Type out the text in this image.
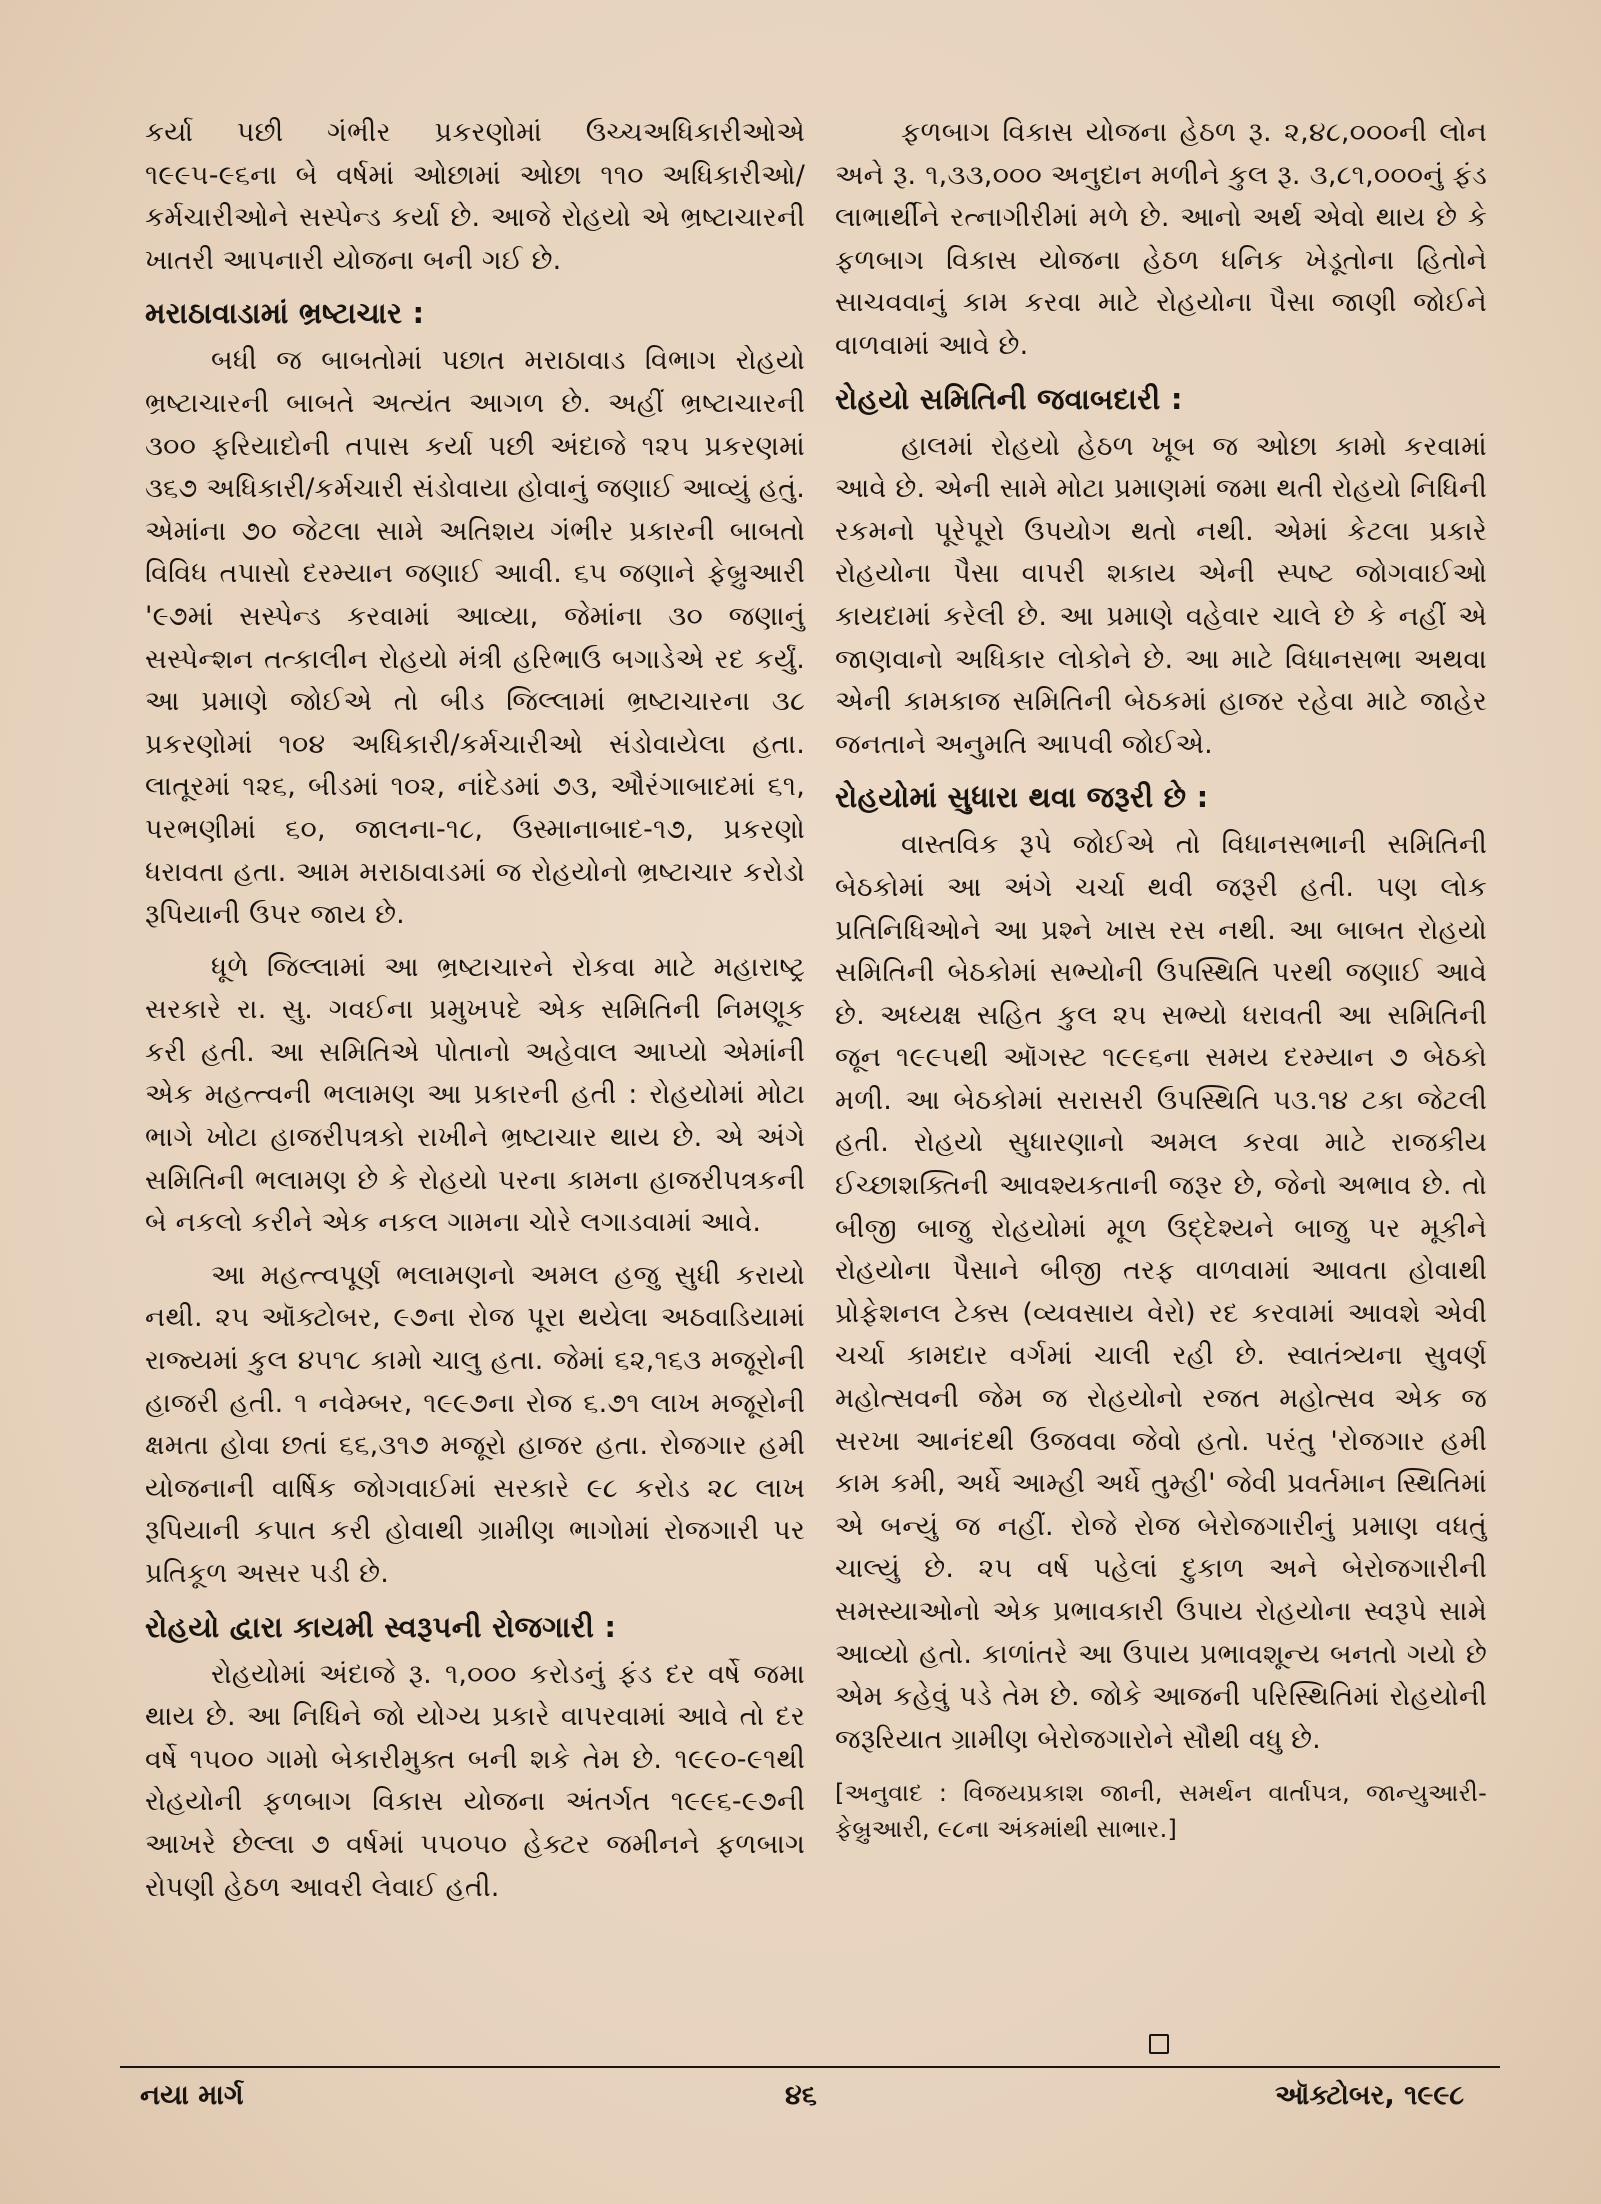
કર્યા પછી ગંભીર પ્રકરણોમાં ઉચ્ચઅધિકારીઓએ ૧૯૯૫-૯૬ના બે વર્ષમાં ઓછામાં ઓછા ૧૧૦ અધિકારીઓ/કર્મચારીઓને સસ્પેન્ડ કર્યા છે. આજે રોહયો એ ભ્રષ્ટાચારની ખાતરી આપનારી યોજના બની ગઈ છે.

મરાઠાવાડામાં ભ્રષ્ટાચાર :

બધી જ બાબતોમાં પછાત મરાઠાવાડ વિભાગ રોહયો ભ્રષ્ટાચારની બાબતે અત્યંત આગળ છે. અહીં ભ્રષ્ટાચારની ૩૦૦ ફરિયાદોની તપાસ કર્યા પછી અંદાજે ૧૨૫ પ્રકરણમાં ૩૬૭ અધિકારી/કર્મચારી સંડોવાયા હોવાનું જણાઈ આવ્યું હતું. એમાંના ૭૦ જેટલા સામે અતિશય ગંભીર પ્રકારની બાબતો વિવિધ તપાસો દરમ્યાન જણાઈ આવી. ૬૫ જણાને ફેબ્રુઆરી '૯૭માં સસ્પેન્ડ કરવામાં આવ્યા, જેમાંના ૩૦ જણાનું સસ્પેન્શન તત્કાલીન રોહયો મંત્રી હરિભાઉ બગાડેએ રદ કર્યું. આ પ્રમાણે જોઈએ તો બીડ જિલ્લામાં ભ્રષ્ટાચારના ૩૮ પ્રકરણોમાં ૧૦૪ અધિકારી/કર્મચારીઓ સંડોવાયેલા હતા. લાતૂરમાં ૧૨૬, બીડમાં ૧૦૨, નાંદેડમાં ૭૩, ઔરંગાબાદમાં ૬૧, પરભણીમાં ૬૦, જાલના-૧૮, ઉસ્માનાબાદ-૧૭, પ્રકરણો ધરાવતા હતા. આમ મરાઠાવાડમાં જ રોહયોનો ભ્રષ્ટાચાર કરોડો રૂપિયાની ઉપર જાય છે.

ધૂળે જિલ્લામાં આ ભ્રષ્ટાચારને રોકવા માટે મહારાષ્ટ્ર સરકારે રા. સુ. ગવઈના પ્રમુખપદે એક સમિતિની નિમણૂક કરી હતી. આ સમિતિએ પોતાનો અહેવાલ આપ્યો એમાંની એક મહત્ત્વની ભલામણ આ પ્રકારની હતી : રોહયોમાં મોટા ભાગે ખોટા હાજરીપત્રકો રાખીને ભ્રષ્ટાચાર થાય છે. એ અંગે સમિતિની ભલામણ છે કે રોહયો પરના કામના હાજરીપત્રકની બે નકલો કરીને એક નકલ ગામના ચોરે લગાડવામાં આવે.

આ મહત્ત્વપૂર્ણ ભલામણનો અમલ હજુ સુધી કરાયો નથી. ૨૫ ઑક્ટોબર, ૯૭ના રોજ પૂરા થયેલા અઠવાડિયામાં રાજ્યમાં કુલ ૪૫૧૮ કામો ચાલુ હતા. જેમાં ૬૨,૧૬૩ મજૂરોની હાજરી હતી. ૧ નવેમ્બર, ૧૯૯૭ના રોજ ૬.૭૧ લાખ મજૂરોની ક્ષમતા હોવા છતાં ૬૬,૩૧૭ મજૂરો હાજર હતા. રોજગાર હમી યોજનાની વાર્ષિક જોગવાઈમાં સરકારે ૯૮ કરોડ ૨૮ લાખ રૂપિયાની કપાત કરી હોવાથી ગ્રામીણ ભાગોમાં રોજગારી પર પ્રતિકૂળ અસર પડી છે.

રોહયો દ્વારા કાયમી સ્વરૂપની રોજગારી :

રોહયોમાં અંદાજે રૂ. ૧,૦૦૦ કરોડનું ફંડ દર વર્ષે જમા થાય છે. આ નિધિને જો યોગ્ય પ્રકારે વાપરવામાં આવે તો દર વર્ષે ૧૫૦૦ ગામો બેકારીમુક્ત બની શકે તેમ છે. ૧૯૯૦-૯૧થી રોહયોની ફળબાગ વિકાસ યોજના અંતર્ગત ૧૯૯૬-૯૭ની આખરે છેલ્લા ૭ વર્ષમાં ૫૫૦૫૦ હેક્ટર જમીનને ફળબાગ રોપણી હેઠળ આવરી લેવાઈ હતી.

ફળબાગ વિકાસ યોજના હેઠળ રૂ. ૨,૪૮,૦૦૦ની લોન અને રૂ. ૧,૩૩,૦૦૦ અનુદાન મળીને કુલ રૂ. ૩,૮૧,૦૦૦નું ફંડ લાભાર્થીને રત્નાગીરીમાં મળે છે. આનો અર્થ એવો થાય છે કે ફળબાગ વિકાસ યોજના હેઠળ ધનિક ખેડૂતોના હિતોને સાચવવાનું કામ કરવા માટે રોહયોના પૈસા જાણી જોઈને વાળવામાં આવે છે.

રોહયો સમિતિની જવાબદારી :

હાલમાં રોહયો હેઠળ ખૂબ જ ઓછા કામો કરવામાં આવે છે. એની સામે મોટા પ્રમાણમાં જમા થતી રોહયો નિધિની રકમનો પૂરેપૂરો ઉપયોગ થતો નથી. એમાં કેટલા પ્રકારે રોહયોના પૈસા વાપરી શકાય એની સ્પષ્ટ જોગવાઈઓ કાયદામાં કરેલી છે. આ પ્રમાણે વહેવાર ચાલે છે કે નહીં એ જાણવાનો અધિકાર લોકોને છે. આ માટે વિધાનસભા અથવા એની કામકાજ સમિતિની બેઠકમાં હાજર રહેવા માટે જાહેર જનતાને અનુમતિ આપવી જોઈએ.

રોહયોમાં સુધારા થવા જરૂરી છે :

વાસ્તવિક રૂપે જોઈએ તો વિધાનસભાની સમિતિની બેઠકોમાં આ અંગે ચર્ચા થવી જરૂરી હતી. પણ લોક પ્રતિનિધિઓને આ પ્રશ્ને ખાસ રસ નથી. આ બાબત રોહયો સમિતિની બેઠકોમાં સભ્યોની ઉપસ્થિતિ પરથી જણાઈ આવે છે. અધ્યક્ષ સહિત કુલ ૨૫ સભ્યો ધરાવતી આ સમિતિની જૂન ૧૯૯૫થી ઑગસ્ટ ૧૯૯૬ના સમય દરમ્યાન ૭ બેઠકો મળી. આ બેઠકોમાં સરાસરી ઉપસ્થિતિ ૫૩.૧૪ ટકા જેટલી હતી. રોહયો સુધારણાનો અમલ કરવા માટે રાજકીય ઈચ્છાશક્તિની આવશ્યકતાની જરૂર છે, જેનો અભાવ છે. તો બીજી બાજુ રોહયોમાં મૂળ ઉદ્દેશ્યને બાજુ પર મૂકીને રોહયોના પૈસાને બીજી તરફ વાળવામાં આવતા હોવાથી પ્રોફેશનલ ટેક્સ (વ્યવસાય વેરો) રદ કરવામાં આવશે એવી ચર્ચા કામદાર વર્ગમાં ચાલી રહી છે. સ્વાતંત્ર્યના સુવર્ણ મહોત્સવની જેમ જ રોહયોનો રજત મહોત્સવ એક જ સરખા આનંદથી ઉજવવા જેવો હતો. પરંતુ 'રોજગાર હમી કામ કમી, અર્ધે આમ્હી અર્ધે તુમ્હી' જેવી પ્રવર્તમાન સ્થિતિમાં એ બન્યું જ નહીં. રોજે રોજ બેરોજગારીનું પ્રમાણ વધતું ચાલ્યું છે. ૨૫ વર્ષ પહેલાં દુકાળ અને બેરોજગારીની સમસ્યાઓનો એક પ્રભાવકારી ઉપાય રોહયોના સ્વરૂપે સામે આવ્યો હતો. કાળાંતરે આ ઉપાય પ્રભાવશૂન્ય બનતો ગયો છે એમ કહેવું પડે તેમ છે. જોકે આજની પરિસ્થિતિમાં રોહયોની જરૂરિયાત ગ્રામીણ બેરોજગારોને સૌથી વધુ છે.

[અનુવાદ : વિજયપ્રકાશ જાની, સમર્થન વાર્તાપત્ર, જાન્યુઆરી-ફેબ્રુઆરી, ૯૮ના અંકમાંથી સાભાર.]

નયા માર્ગ	૪૬	ઑક્ટોબર, ૧૯૯૮
